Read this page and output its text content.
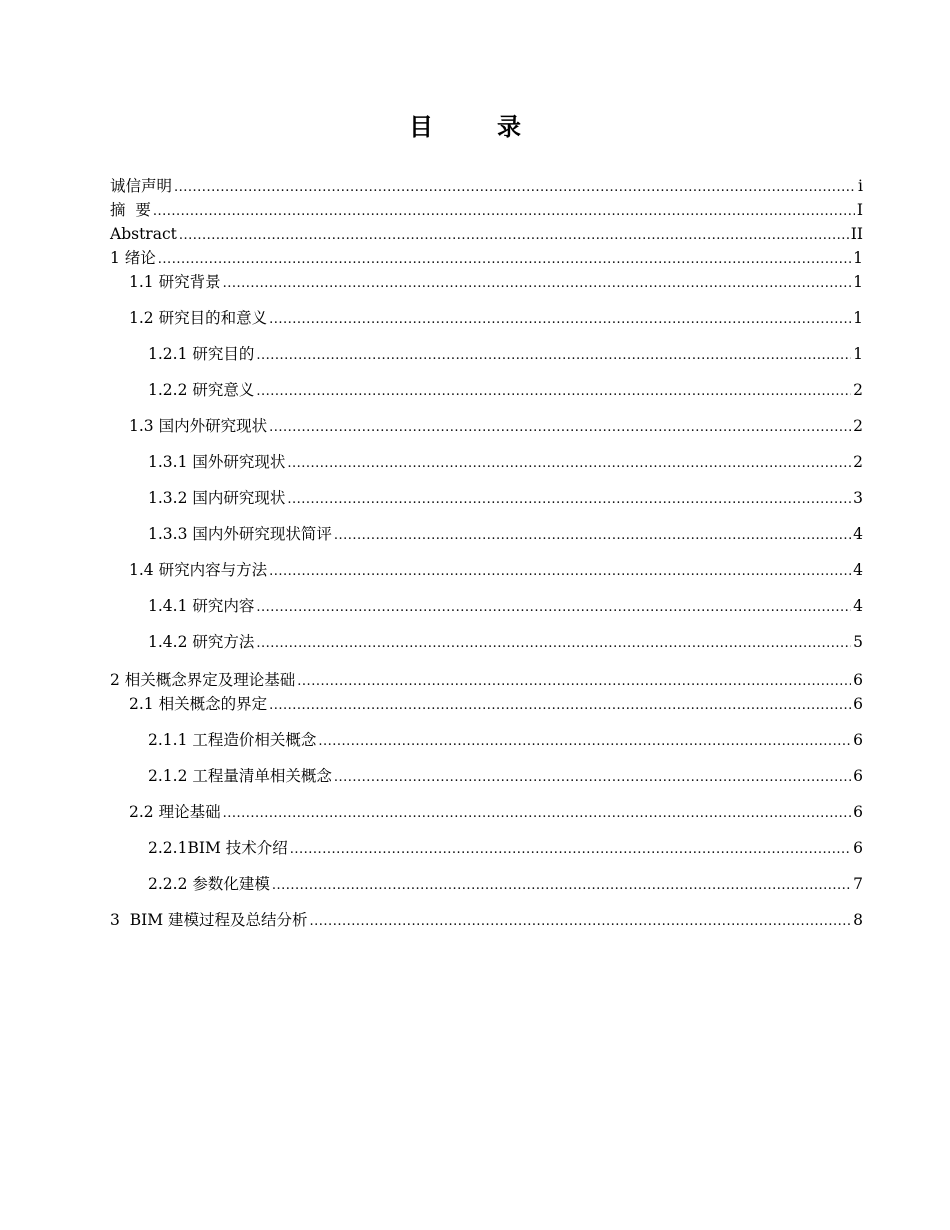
目　录
诚信声明 .....	i
摘  要 .....	I
Abstract .....	II
1 绪论 .....	1
1.1 研究背景 .....	1
1.2 研究目的和意义 .....	1
1.2.1 研究目的 .....	1
1.2.2 研究意义 .....	2
1.3 国内外研究现状 .....	2
1.3.1 国外研究现状 .....	2
1.3.2 国内研究现状 .....	3
1.3.3 国内外研究现状简评 .....	4
1.4 研究内容与方法 .....	4
1.4.1 研究内容 .....	4
1.4.2 研究方法 .....	5
2 相关概念界定及理论基础 .....	6
2.1 相关概念的界定 .....	6
2.1.1 工程造价相关概念 .....	6
2.1.2 工程量清单相关概念 .....	6
2.2 理论基础 .....	6
2.2.1BIM 技术介绍 .....	6
2.2.2 参数化建模 .....	7
3  BIM 建模过程及总结分析 .....	8
